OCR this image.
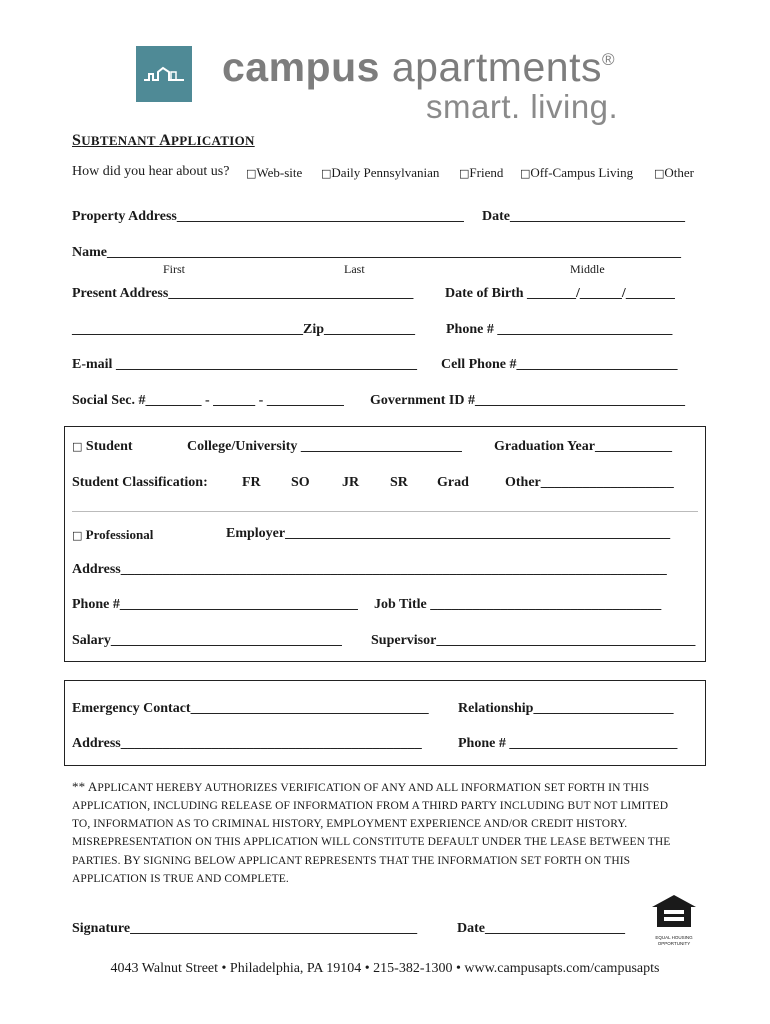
campus apartments®
smart. living.
SUBTENANT APPLICATION
How did you hear about us? □Web-site □Daily Pennsylvanian □Friend □Off-Campus Living □Other
Property Address_________________________________________ Date_________________________
Name__________________________________________________________________________________
First	Last	Middle
Present Address___________________________________ Date of Birth _______/______/_______
_________________________________Zip_____________ Phone # _________________________
E-mail ___________________________________________ Cell Phone #_______________________
Social Sec. #________ - ______ - ___________ Government ID #______________________________
□ Student	College/University _______________________ Graduation Year___________
Student Classification: FR SO JR SR Grad	Other___________________
□ Professional	Employer_______________________________________________________
Address______________________________________________________________________________
Phone #__________________________________ Job Title _________________________________
Salary_________________________________ Supervisor_____________________________________
Emergency Contact__________________________________ Relationship____________________
Address___________________________________________	Phone # ________________________
** APPLICANT HEREBY AUTHORIZES VERIFICATION OF ANY AND ALL INFORMATION SET FORTH IN THIS
APPLICATION, INCLUDING RELEASE OF INFORMATION FROM A THIRD PARTY INCLUDING BUT NOT LIMITED
TO, INFORMATION AS TO CRIMINAL HISTORY, EMPLOYMENT EXPERIENCE AND/OR CREDIT HISTORY.
MISREPRESENTATION ON THIS APPLICATION WILL CONSTITUTE DEFAULT UNDER THE LEASE BETWEEN THE
PARTIES. BY SIGNING BELOW APPLICANT REPRESENTS THAT THE INFORMATION SET FORTH ON THIS
APPLICATION IS TRUE AND COMPLETE.
Signature_________________________________________	Date____________________
EQUAL HOUSING
OPPORTUNITY
4043 Walnut Street • Philadelphia, PA 19104 • 215-382-1300 • www.campusapts.com/campusapts
